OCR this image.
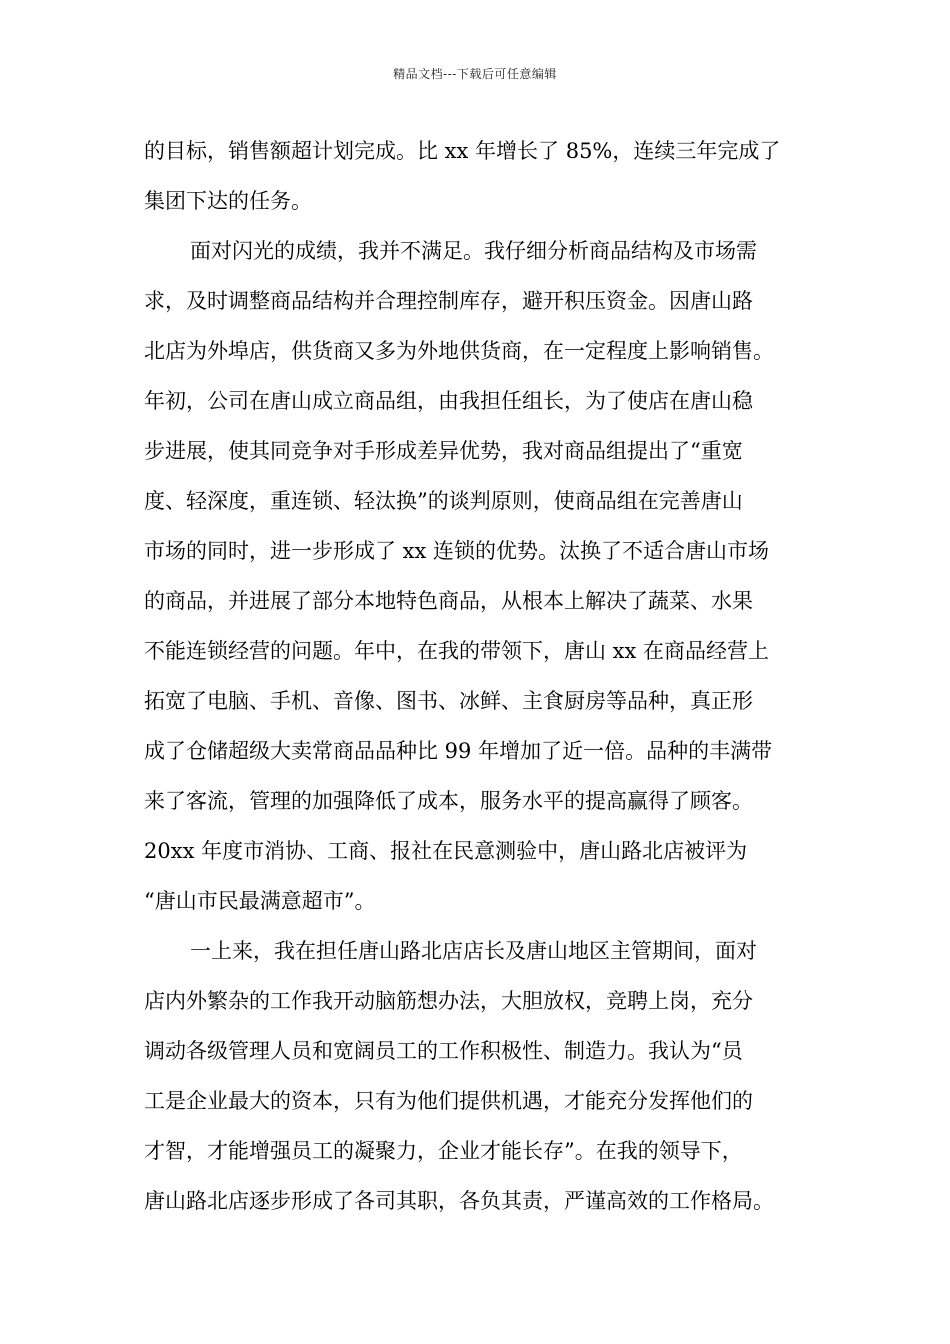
精品文档---下载后可任意编辑
的目标，销售额超计划完成。比 xx 年增长了 85%，连续三年完成了
集团下达的任务。
面对闪光的成绩，我并不满足。我仔细分析商品结构及市场需
求，及时调整商品结构并合理控制库存，避开积压资金。因唐山路
北店为外埠店，供货商又多为外地供货商，在一定程度上影响销售。
年初，公司在唐山成立商品组，由我担任组长，为了使店在唐山稳
步进展，使其同竞争对手形成差异优势，我对商品组提出了“重宽
度、轻深度，重连锁、轻汰换”的谈判原则，使商品组在完善唐山
市场的同时，进一步形成了 xx 连锁的优势。汰换了不适合唐山市场
的商品，并进展了部分本地特色商品，从根本上解决了蔬菜、水果
不能连锁经营的问题。年中，在我的带领下，唐山 xx 在商品经营上
拓宽了电脑、手机、音像、图书、冰鲜、主食厨房等品种，真正形
成了仓储超级大卖常商品品种比 99 年增加了近一倍。品种的丰满带
来了客流，管理的加强降低了成本，服务水平的提高赢得了顾客。
20xx 年度市消协、工商、报社在民意测验中，唐山路北店被评为
“唐山市民最满意超市”。
一上来，我在担任唐山路北店店长及唐山地区主管期间，面对
店内外繁杂的工作我开动脑筋想办法，大胆放权，竞聘上岗，充分
调动各级管理人员和宽阔员工的工作积极性、制造力。我认为“员
工是企业最大的资本，只有为他们提供机遇，才能充分发挥他们的
才智，才能增强员工的凝聚力，企业才能长存”。在我的领导下，
唐山路北店逐步形成了各司其职，各负其责，严谨高效的工作格局。
